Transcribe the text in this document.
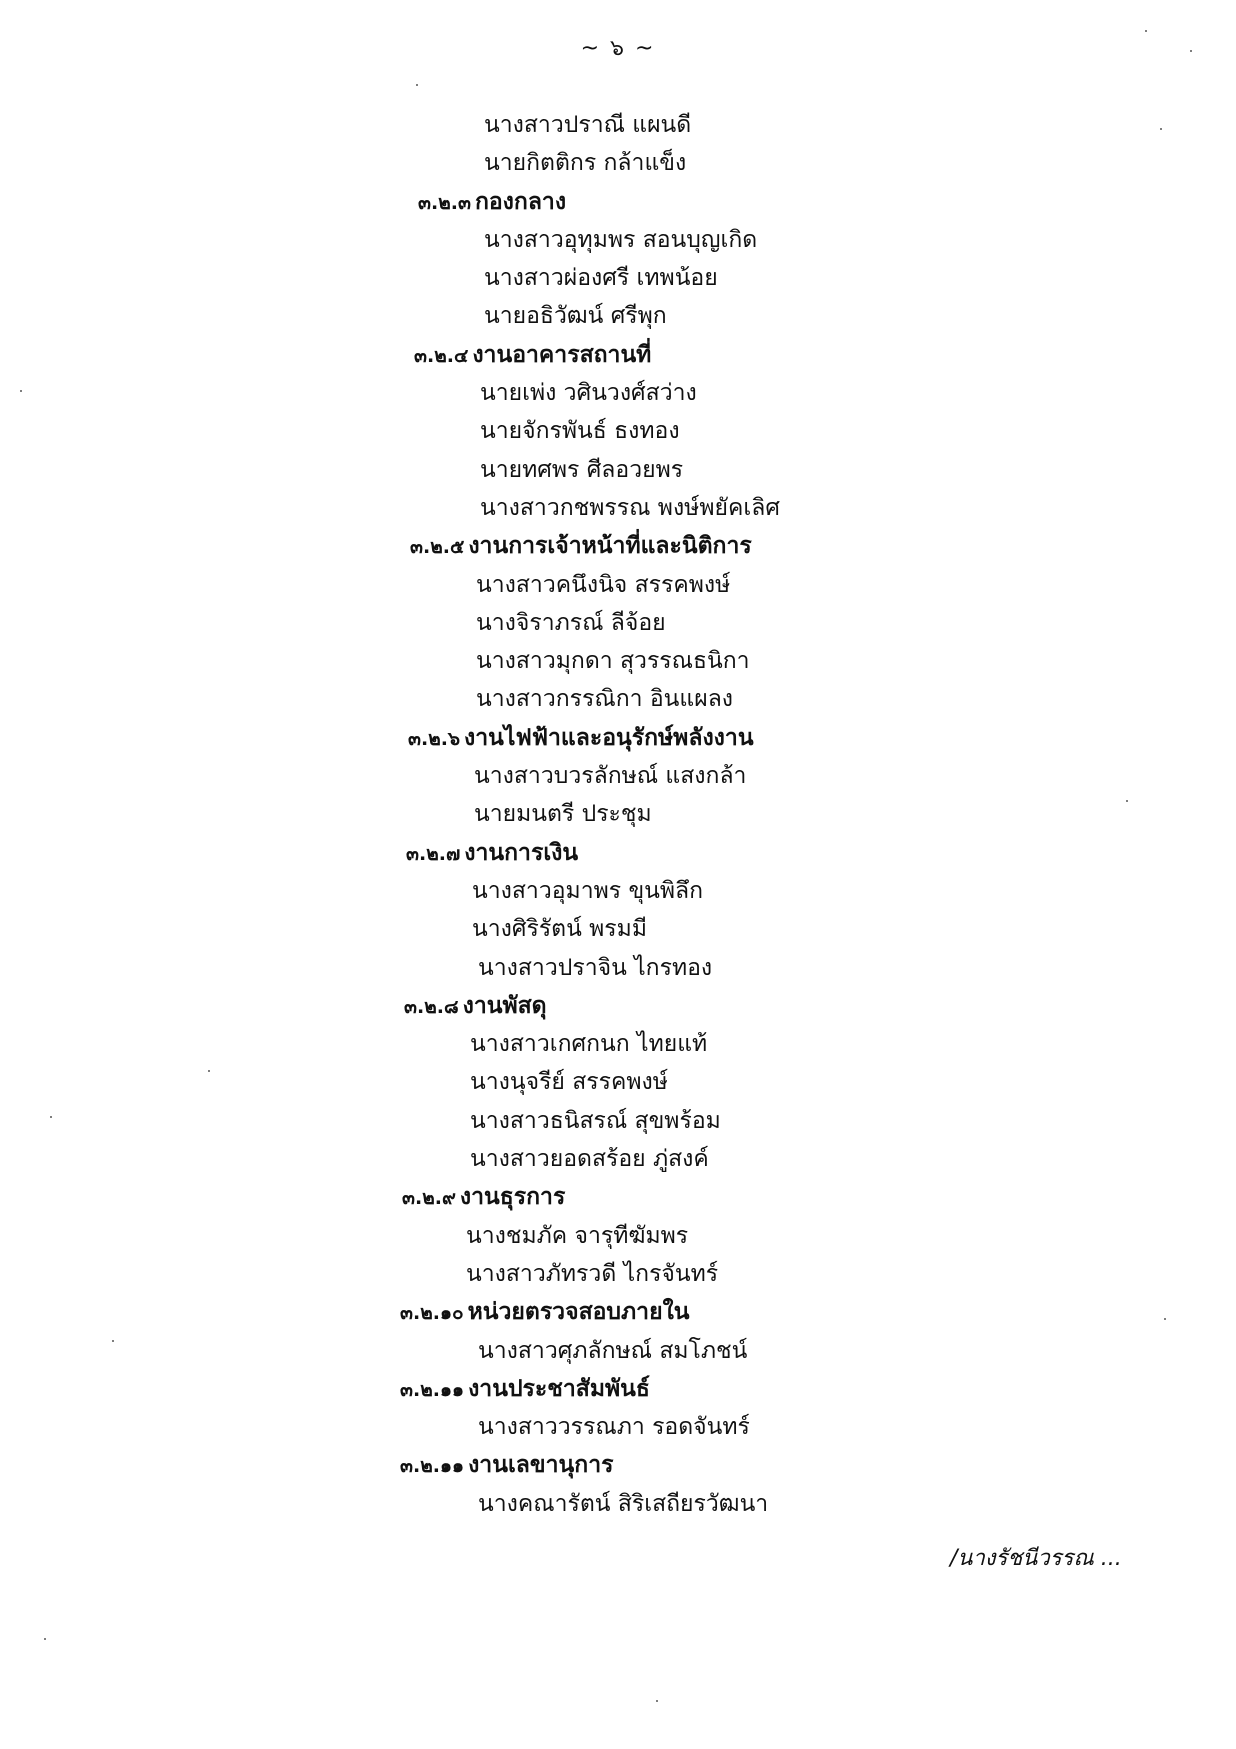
~ ๖ ~
นางสาวปราณี แผนดี
นายกิตติกร กล้าแข็ง
๓.๒.๓ กองกลาง
นางสาวอุทุมพร สอนบุญเกิด
นางสาวผ่องศรี เทพน้อย
นายอธิวัฒน์ ศรีพุก
๓.๒.๔ งานอาคารสถานที่
นายเพ่ง วศินวงศ์สว่าง
นายจักรพันธ์ ธงทอง
นายทศพร ศีลอวยพร
นางสาวกชพรรณ พงษ์พยัคเลิศ
๓.๒.๕ งานการเจ้าหน้าที่และนิติการ
นางสาวคนึงนิจ สรรคพงษ์
นางจิราภรณ์ ลีจ้อย
นางสาวมุกดา สุวรรณธนิกา
นางสาวกรรณิกา อินแผลง
๓.๒.๖ งานไฟฟ้าและอนุรักษ์พลังงาน
นางสาวบวรลักษณ์ แสงกล้า
นายมนตรี ประชุม
๓.๒.๗ งานการเงิน
นางสาวอุมาพร ขุนพิลึก
นางศิริรัตน์ พรมมี
นางสาวปราจิน ไกรทอง
๓.๒.๘ งานพัสดุ
นางสาวเกศกนก ไทยแท้
นางนุจรีย์ สรรคพงษ์
นางสาวธนิสรณ์ สุขพร้อม
นางสาวยอดสร้อย ภู่สงค์
๓.๒.๙ งานธุรการ
นางชมภัค จารุทีฆัมพร
นางสาวภัทรวดี ไกรจันทร์
๓.๒.๑๐ หน่วยตรวจสอบภายใน
นางสาวศุภลักษณ์ สมโภชน์
๓.๒.๑๑ งานประชาสัมพันธ์
นางสาววรรณภา รอดจันทร์
๓.๒.๑๑ งานเลขานุการ
นางคณารัตน์ สิริเสถียรวัฒนา
/นางรัชนีวรรณ ...
